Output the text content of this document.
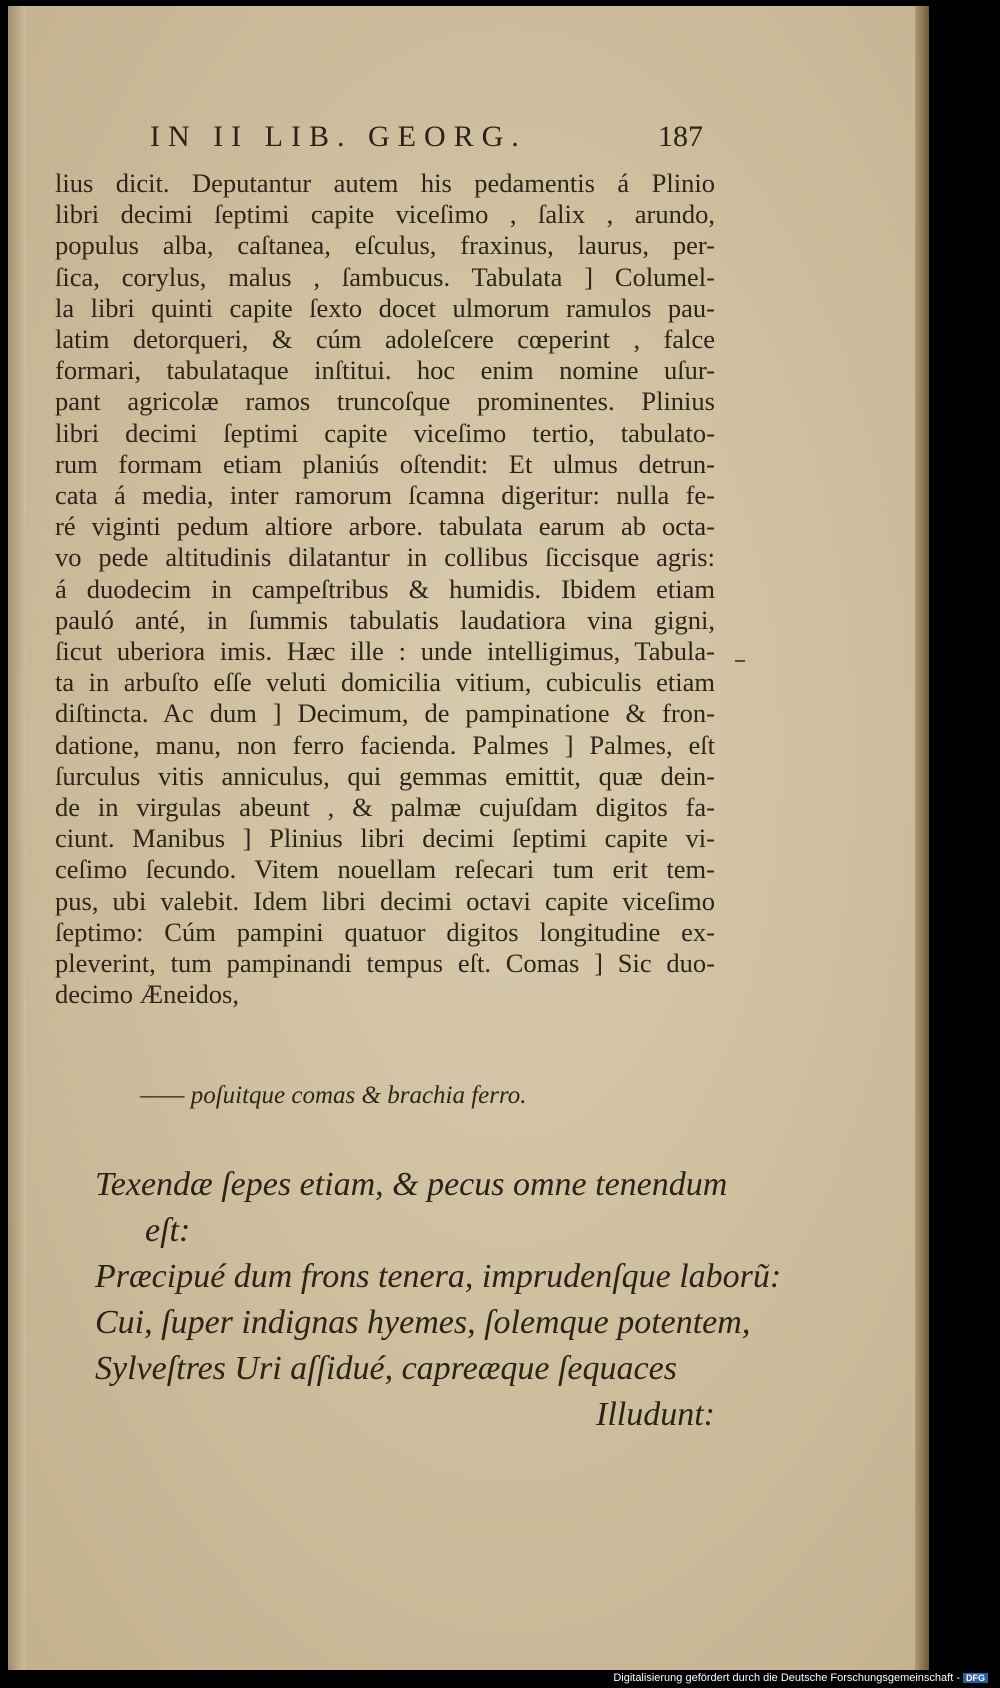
IN II LIB. GEORG.	187
lius dicit. Deputantur autem his pedamentis á Plinio
libri decimi ſeptimi capite viceſimo , ſalix , arundo,
populus alba, caſtanea, eſculus, fraxinus, laurus, per-
ſica, corylus, malus , ſambucus. Tabulata ] Columel-
la libri quinti capite ſexto docet ulmorum ramulos pau-
latim detorqueri, & cúm adoleſcere cœperint , falce
formari, tabulataque inſtitui. hoc enim nomine uſur-
pant agricolæ ramos truncoſque prominentes. Plinius
libri decimi ſeptimi capite viceſimo tertio, tabulato-
rum formam etiam planiús oſtendit: Et ulmus detrun-
cata á media, inter ramorum ſcamna digeritur: nulla fe-
ré viginti pedum altiore arbore. tabulata earum ab octa-
vo pede altitudinis dilatantur in collibus ſiccisque agris:
á duodecim in campeſtribus & humidis. Ibidem etiam
pauló anté, in ſummis tabulatis laudatiora vina gigni,
ſicut uberiora imis. Hæc ille : unde intelligimus, Tabula-
ta in arbuſto eſſe veluti domicilia vitium, cubiculis etiam
diſtincta. Ac dum ] Decimum, de pampinatione & fron-
datione, manu, non ferro facienda. Palmes ] Palmes, eſt
ſurculus vitis anniculus, qui gemmas emittit, quæ dein-
de in virgulas abeunt , & palmæ cujuſdam digitos fa-
ciunt. Manibus ] Plinius libri decimi ſeptimi capite vi-
ceſimo ſecundo. Vitem nouellam reſecari tum erit tem-
pus, ubi valebit. Idem libri decimi octavi capite viceſimo
ſeptimo: Cúm pampini quatuor digitos longitudine ex-
pleverint, tum pampinandi tempus eſt. Comas ] Sic duo-
decimo Æneidos,
—— poſuitque comas & brachia ferro.
Texendæ ſepes etiam, & pecus omne tenendum
eſt:
Præcipué dum frons tenera, imprudenſque laborũ:
Cui, ſuper indignas hyemes, ſolemque potentem,
Sylveſtres Uri aſſidué, capreæque ſequaces
Illudunt:
Digitalisierung gefördert durch die Deutsche Forschungsgemeinschaft - DFG
